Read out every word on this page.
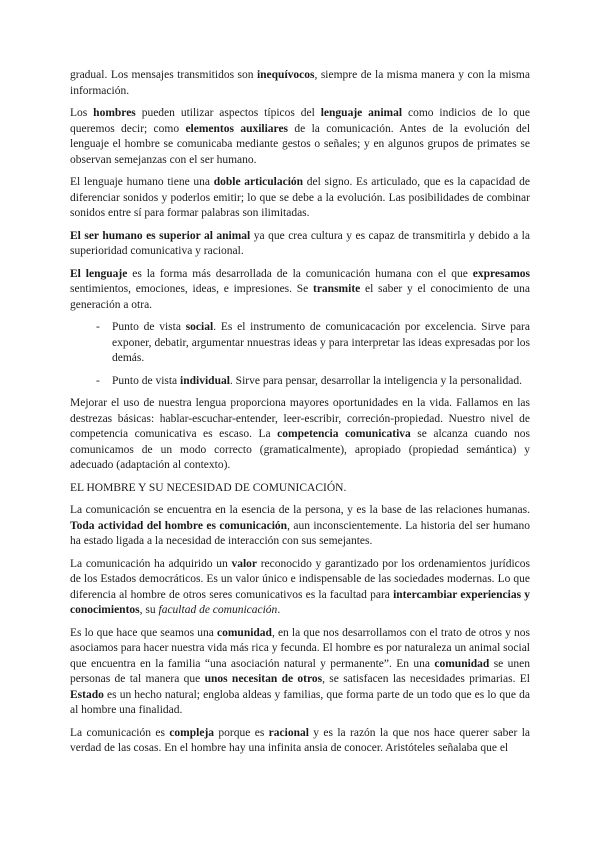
gradual. Los mensajes transmitidos son inequívocos, siempre de la misma manera y con la misma información.

Los hombres pueden utilizar aspectos típicos del lenguaje animal como indicios de lo que queremos decir; como elementos auxiliares de la comunicación. Antes de la evolución del lenguaje el hombre se comunicaba mediante gestos o señales; y en algunos grupos de primates se observan semejanzas con el ser humano.

El lenguaje humano tiene una doble articulación del signo. Es articulado, que es la capacidad de diferenciar sonidos y poderlos emitir; lo que se debe a la evolución. Las posibilidades de combinar sonidos entre sí para formar palabras son ilimitadas.

El ser humano es superior al animal ya que crea cultura y es capaz de transmitirla y debido a la superioridad comunicativa y racional.

El lenguaje es la forma más desarrollada de la comunicación humana con el que expresamos sentimientos, emociones, ideas, e impresiones. Se transmite el saber y el conocimiento de una generación a otra.

-	Punto de vista social. Es el instrumento de comunicacación por excelencia. Sirve para exponer, debatir, argumentar nnuestras ideas y para interpretar las ideas expresadas por los demás.

-	Punto de vista individual. Sirve para pensar, desarrollar la inteligencia y la personalidad.

Mejorar el uso de nuestra lengua proporciona mayores oportunidades en la vida. Fallamos en las destrezas básicas: hablar-escuchar-entender, leer-escribir, correción-propiedad. Nuestro nivel de competencia comunicativa es escaso. La competencia comunicativa se alcanza cuando nos comunicamos de un modo correcto (gramaticalmente), apropiado (propiedad semántica) y adecuado (adaptación al contexto).

EL HOMBRE Y SU NECESIDAD DE COMUNICACIÓN.

La comunicación se encuentra en la esencia de la persona, y es la base de las relaciones humanas. Toda actividad del hombre es comunicación, aun inconscientemente. La historia del ser humano ha estado ligada a la necesidad de interacción con sus semejantes.

La comunicación ha adquirido un valor reconocido y garantizado por los ordenamientos jurídicos de los Estados democráticos. Es un valor único e indispensable de las sociedades modernas. Lo que diferencia al hombre de otros seres comunicativos es la facultad para intercambiar experiencias y conocimientos, su facultad de comunicación.

Es lo que hace que seamos una comunidad, en la que nos desarrollamos con el trato de otros y nos asociamos para hacer nuestra vida más rica y fecunda. El hombre es por naturaleza un animal social que encuentra en la familia “una asociación natural y permanente”. En una comunidad se unen personas de tal manera que unos necesitan de otros, se satisfacen las necesidades primarias. El Estado es un hecho natural; engloba aldeas y familias, que forma parte de un todo que es lo que da al hombre una finalidad.

La comunicación es compleja porque es racional y es la razón la que nos hace querer saber la verdad de las cosas. En el hombre hay una infinita ansia de conocer. Aristóteles señalaba que el
